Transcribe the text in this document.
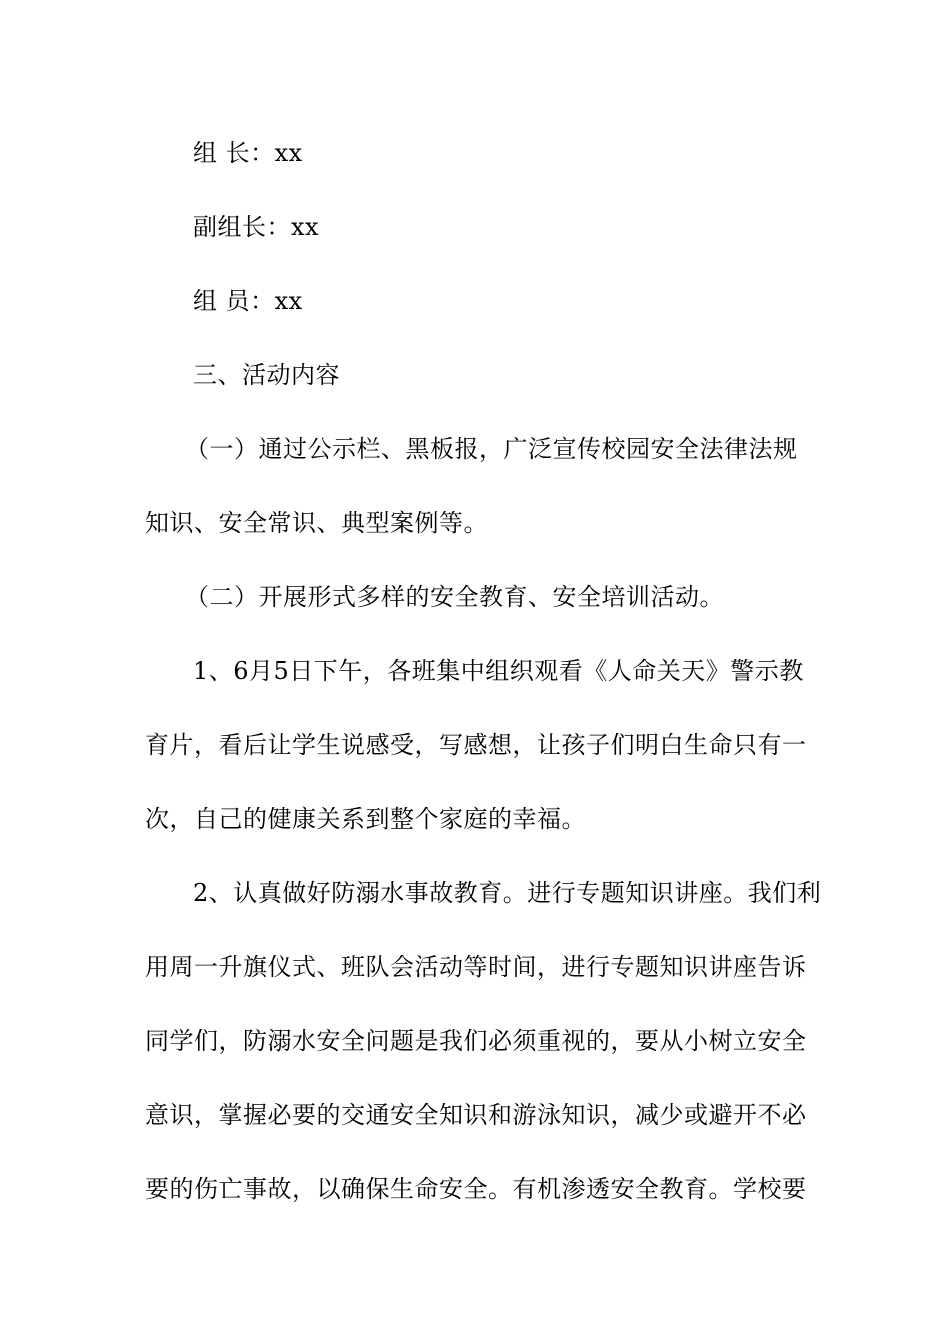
组 长：xx
副组长：xx
组 员：xx
三、活动内容
（一）通过公示栏、黑板报，广泛宣传校园安全法律法规
知识、安全常识、典型案例等。
（二）开展形式多样的安全教育、安全培训活动。
1、6月5日下午，各班集中组织观看《人命关天》警示教
育片，看后让学生说感受，写感想，让孩子们明白生命只有一
次，自己的健康关系到整个家庭的幸福。
2、认真做好防溺水事故教育。进行专题知识讲座。我们利
用周一升旗仪式、班队会活动等时间，进行专题知识讲座告诉
同学们，防溺水安全问题是我们必须重视的，要从小树立安全
意识，掌握必要的交通安全知识和游泳知识，减少或避开不必
要的伤亡事故，以确保生命安全。有机渗透安全教育。学校要
